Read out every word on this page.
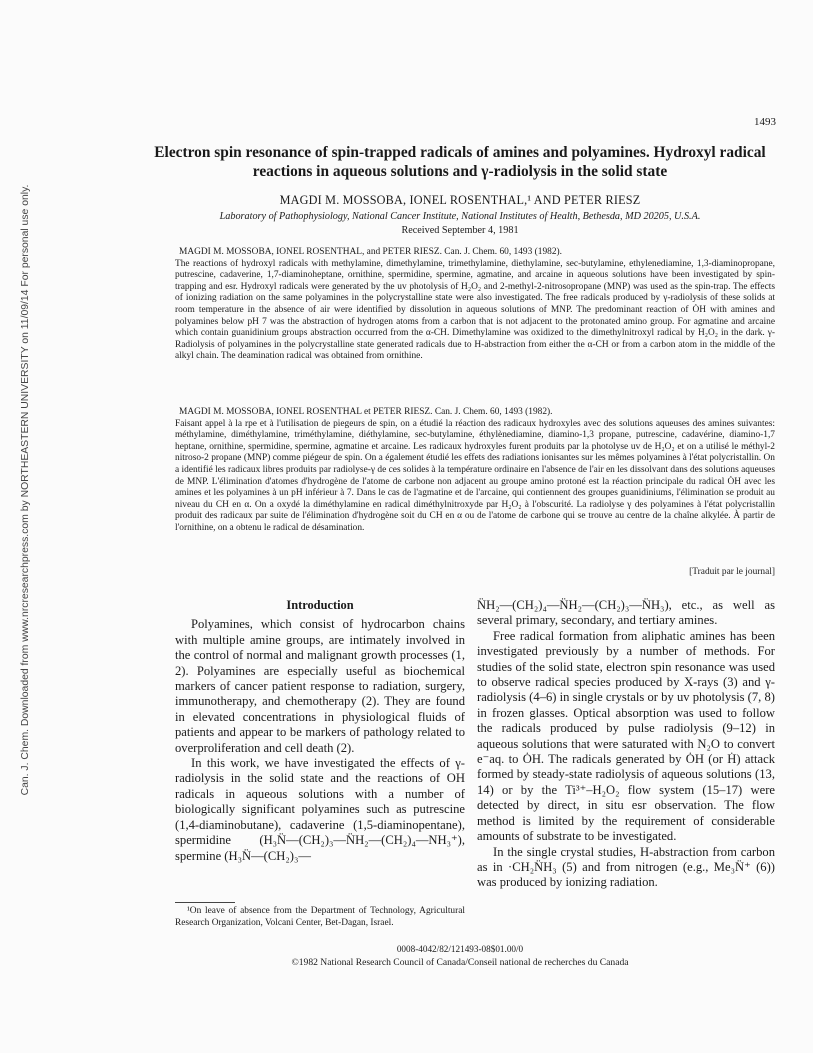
Can. J. Chem. Downloaded from www.nrcresearchpress.com by NORTHEASTERN UNIVERSITY on 11/09/14 For personal use only.
1493
Electron spin resonance of spin-trapped radicals of amines and polyamines. Hydroxyl radical reactions in aqueous solutions and γ-radiolysis in the solid state
MAGDI M. MOSSOBA, IONEL ROSENTHAL,¹ AND PETER RIESZ
Laboratory of Pathophysiology, National Cancer Institute, National Institutes of Health, Bethesda, MD 20205, U.S.A.
Received September 4, 1981
MAGDI M. MOSSOBA, IONEL ROSENTHAL, and PETER RIESZ. Can. J. Chem. 60, 1493 (1982).

The reactions of hydroxyl radicals with methylamine, dimethylamine, trimethylamine, diethylamine, sec-butylamine, ethylenediamine, 1,3-diaminopropane, putrescine, cadaverine, 1,7-diaminoheptane, ornithine, spermidine, spermine, agmatine, and arcaine in aqueous solutions have been investigated by spin-trapping and esr. Hydroxyl radicals were generated by the uv photolysis of H₂O₂ and 2-methyl-2-nitrosopropane (MNP) was used as the spin-trap. The effects of ionizing radiation on the same polyamines in the polycrystalline state were also investigated. The free radicals produced by γ-radiolysis of these solids at room temperature in the absence of air were identified by dissolution in aqueous solutions of MNP. The predominant reaction of ȮH with amines and polyamines below pH 7 was the abstraction of hydrogen atoms from a carbon that is not adjacent to the protonated amino group. For agmatine and arcaine which contain guanidinium groups abstraction occurred from the α-CH. Dimethylamine was oxidized to the dimethylnitroxyl radical by H₂O₂ in the dark. γ-Radiolysis of polyamines in the polycrystalline state generated radicals due to H-abstraction from either the α-CH or from a carbon atom in the middle of the alkyl chain. The deamination radical was obtained from ornithine.

MAGDI M. MOSSOBA, IONEL ROSENTHAL et PETER RIESZ. Can. J. Chem. 60, 1493 (1982).

Faisant appel à la rpe et à l'utilisation de piegeurs de spin, on a étudié la réaction des radicaux hydroxyles avec des solutions aqueuses des amines suivantes: méthylamine, diméthylamine, triméthylamine, diéthylamine, sec-butylamine, éthylènediamine, diamino-1,3 propane, putrescine, cadavérine, diamino-1,7 heptane, ornithine, spermidine, spermine, agmatine et arcaine. Les radicaux hydroxyles furent produits par la photolyse uv de H₂O₂ et on a utilisé le méthyl-2 nitroso-2 propane (MNP) comme piégeur de spin. On a également étudié les effets des radiations ionisantes sur les mêmes polyamines à l'état polycristallin. On a identifié les radicaux libres produits par radiolyse-γ de ces solides à la température ordinaire en l'absence de l'air en les dissolvant dans des solutions aqueuses de MNP. L'élimination d'atomes d'hydrogène de l'atome de carbone non adjacent au groupe amino protoné est la réaction principale du radical ȮH avec les amines et les polyamines à un pH inférieur à 7. Dans le cas de l'agmatine et de l'arcaine, qui contiennent des groupes guanidiniums, l'élimination se produit au niveau du CH en α. On a oxydé la diméthylamine en radical diméthylnitroxyde par H₂O₂ à l'obscurité. La radiolyse γ des polyamines à l'état polycristallin produit des radicaux par suite de l'élimination d'hydrogène soit du CH en α ou de l'atome de carbone qui se trouve au centre de la chaîne alkylée. À partir de l'ornithine, on a obtenu le radical de désamination.

[Traduit par le journal]
Introduction

Polyamines, which consist of hydrocarbon chains with multiple amine groups, are intimately involved in the control of normal and malignant growth processes (1, 2). Polyamines are especially useful as biochemical markers of cancer patient response to radiation, surgery, immunotherapy, and chemotherapy (2). They are found in elevated concentrations in physiological fluids of patients and appear to be markers of pathology related to overproliferation and cell death (2).

In this work, we have investigated the effects of γ-radiolysis in the solid state and the reactions of OH radicals in aqueous solutions with a number of biologically significant polyamines such as putrescine (1,4-diaminobutane), cadaverine (1,5-diaminopentane), spermidine (H₃N̈—(CH₂)₃—N̈H₂—(CH₂)₄—NH₃⁺), spermine (H₃N̈—(CH₂)₃—

N̈H₂—(CH₂)₄—N̈H₂—(CH₂)₃—N̈H₃), etc., as well as several primary, secondary, and tertiary amines.

Free radical formation from aliphatic amines has been investigated previously by a number of methods. For studies of the solid state, electron spin resonance was used to observe radical species produced by X-rays (3) and γ-radiolysis (4–6) in single crystals or by uv photolysis (7, 8) in frozen glasses. Optical absorption was used to follow the radicals produced by pulse radiolysis (9–12) in aqueous solutions that were saturated with N₂O to convert e⁻aq. to ȮH. The radicals generated by ȮH (or Ḣ) attack formed by steady-state radiolysis of aqueous solutions (13, 14) or by the Ti³⁺–H₂O₂ flow system (15–17) were detected by direct, in situ esr observation. The flow method is limited by the requirement of considerable amounts of substrate to be investigated.

In the single crystal studies, H-abstraction from carbon as in ·CH₂N̈H₃ (5) and from nitrogen (e.g., Me₃N̈⁺ (6)) was produced by ionizing radiation.

¹On leave of absence from the Department of Technology, Agricultural Research Organization, Volcani Center, Bet-Dagan, Israel.
0008-4042/82/121493-08$01.00/0
©1982 National Research Council of Canada/Conseil national de recherches du Canada
